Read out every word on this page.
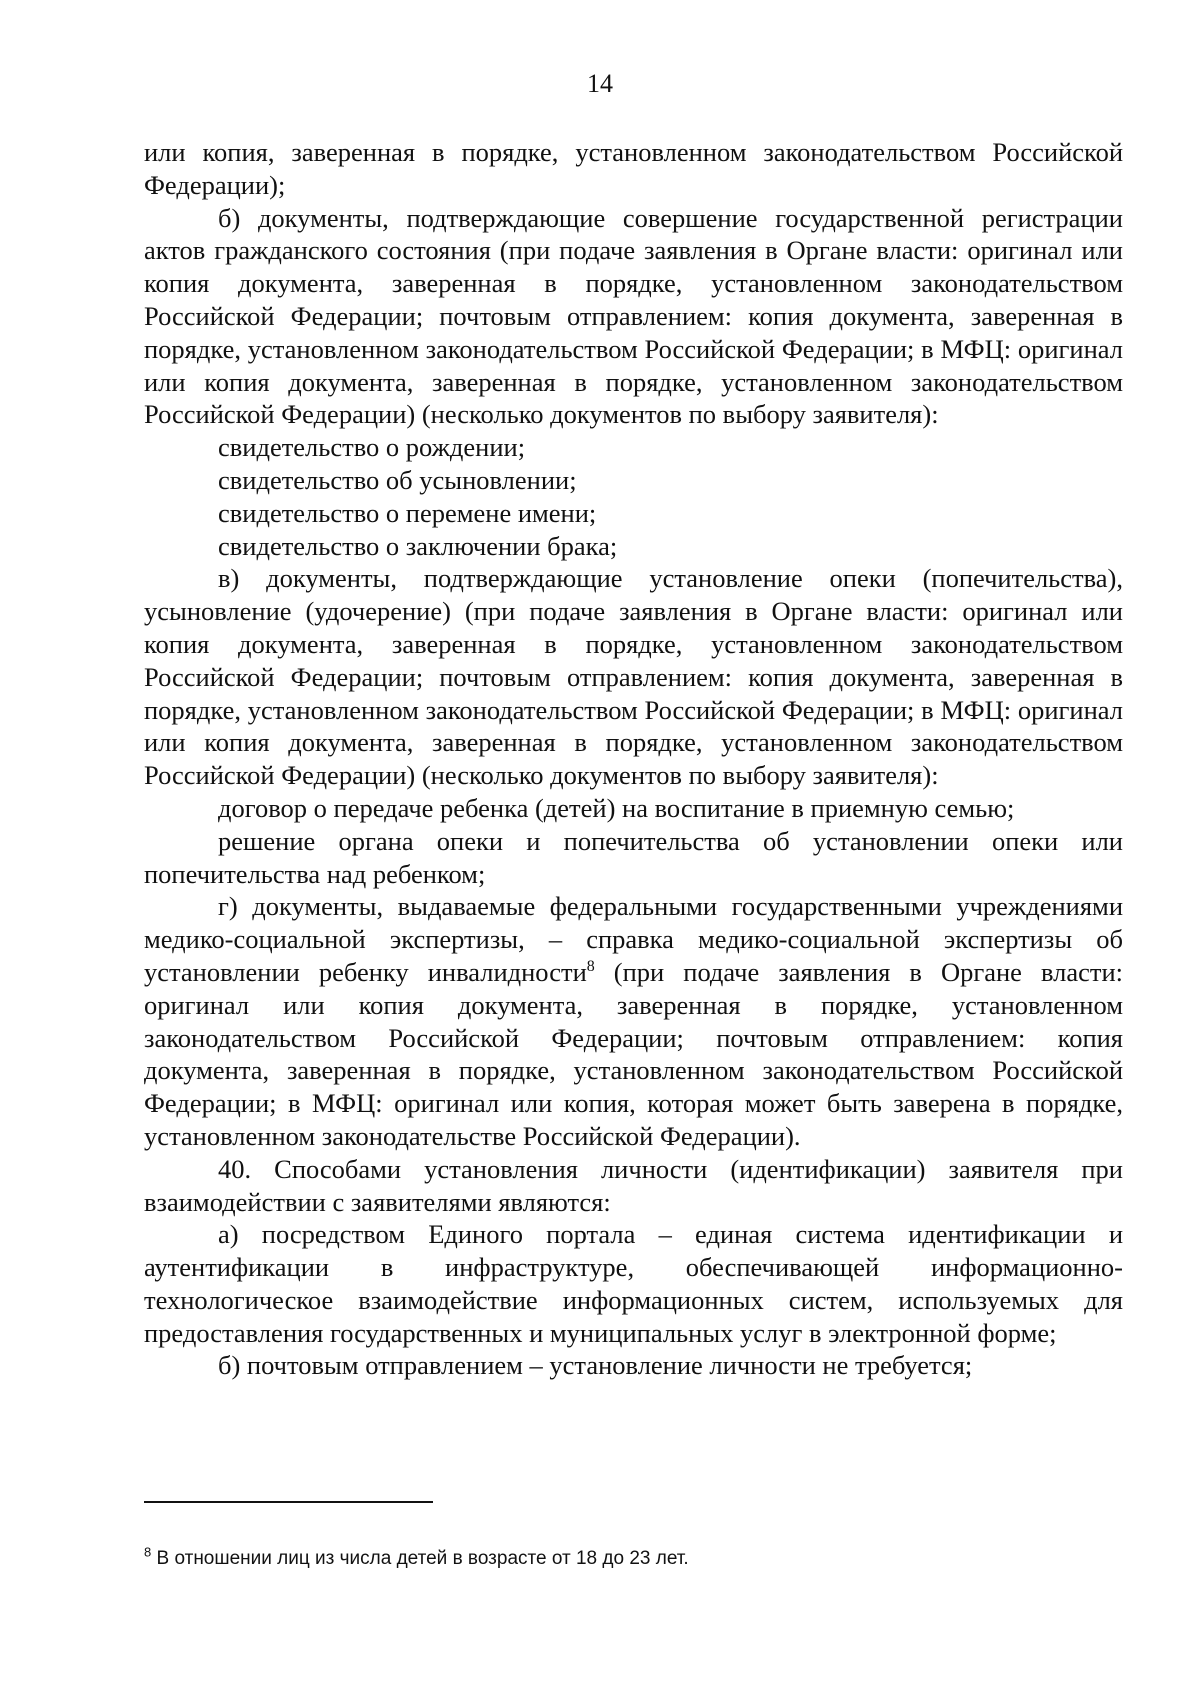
14

или копия, заверенная в порядке, установленном законодательством Российской Федерации);

б) документы, подтверждающие совершение государственной регистрации актов гражданского состояния (при подаче заявления в Органе власти: оригинал или копия документа, заверенная в порядке, установленном законодательством Российской Федерации; почтовым отправлением: копия документа, заверенная в порядке, установленном законодательством Российской Федерации; в МФЦ: оригинал или копия документа, заверенная в порядке, установленном законодательством Российской Федерации) (несколько документов по выбору заявителя):

свидетельство о рождении;

свидетельство об усыновлении;

свидетельство о перемене имени;

свидетельство о заключении брака;

в) документы, подтверждающие установление опеки (попечительства), усыновление (удочерение) (при подаче заявления в Органе власти: оригинал или копия документа, заверенная в порядке, установленном законодательством Российской Федерации; почтовым отправлением: копия документа, заверенная в порядке, установленном законодательством Российской Федерации; в МФЦ: оригинал или копия документа, заверенная в порядке, установленном законодательством Российской Федерации) (несколько документов по выбору заявителя):

договор о передаче ребенка (детей) на воспитание в приемную семью;

решение органа опеки и попечительства об установлении опеки или попечительства над ребенком;

г) документы, выдаваемые федеральными государственными учреждениями медико-социальной экспертизы, – справка медико-социальной экспертизы об установлении ребенку инвалидности$^8$ (при подаче заявления в Органе власти: оригинал или копия документа, заверенная в порядке, установленном законодательством Российской Федерации; почтовым отправлением: копия документа, заверенная в порядке, установленном законодательством Российской Федерации; в МФЦ: оригинал или копия, которая может быть заверена в порядке, установленном законодательстве Российской Федерации).

40. Способами установления личности (идентификации) заявителя при взаимодействии с заявителями являются:

а) посредством Единого портала – единая система идентификации и аутентификации в инфраструктуре, обеспечивающей информационно-технологическое взаимодействие информационных систем, используемых для предоставления государственных и муниципальных услуг в электронной форме;

б) почтовым отправлением – установление личности не требуется;

$^8$ В отношении лиц из числа детей в возрасте от 18 до 23 лет.
